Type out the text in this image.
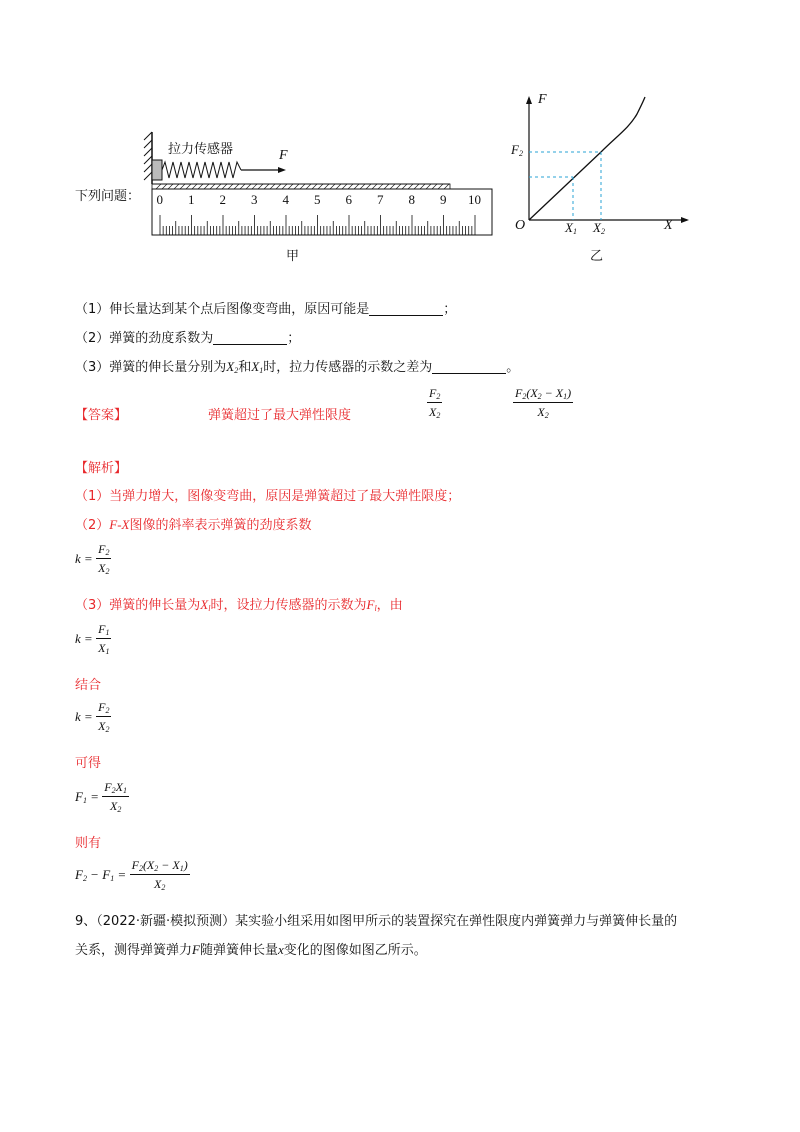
下列问题： 0 1 2 3 4 5 6 7 8 9 10
拉力传感器	F
甲
F
X
O
$F_2$
$X_1$ $X_2$
乙
（1）伸长量达到某个点后图像变弯曲，原因可能是	；
（2）弹簧的劲度系数为	；
（3）弹簧的伸长量分别为$X_2$和$X_1$时，拉力传感器的示数之差为	。
【答案】	弹簧超过了最大弹性限度	$\frac{F_2}{X_2}$	$\frac{F_2(X_2 - X_1)}{X_2}$
【解析】
（1）当弹力增大，图像变弯曲，原因是弹簧超过了最大弹性限度；
（2）F-X图像的斜率表示弹簧的劲度系数
$k = \frac{F_2}{X_2}$
（3）弹簧的伸长量为$X_l$时，设拉力传感器的示数为$F_l$，由
$k = \frac{F_1}{X_1}$
结合
$k = \frac{F_2}{X_2}$
可得
$F_1 = \frac{F_2X_1}{X_2}$
则有
$F_2 - F_1 = \frac{F_2(X_2 - X_1)}{X_2}$
9、（2022·新疆·模拟预测）某实验小组采用如图甲所示的装置探究在弹性限度内弹簧弹力与弹簧伸长量的
关系，测得弹簧弹力F随弹簧伸长量x变化的图像如图乙所示。
